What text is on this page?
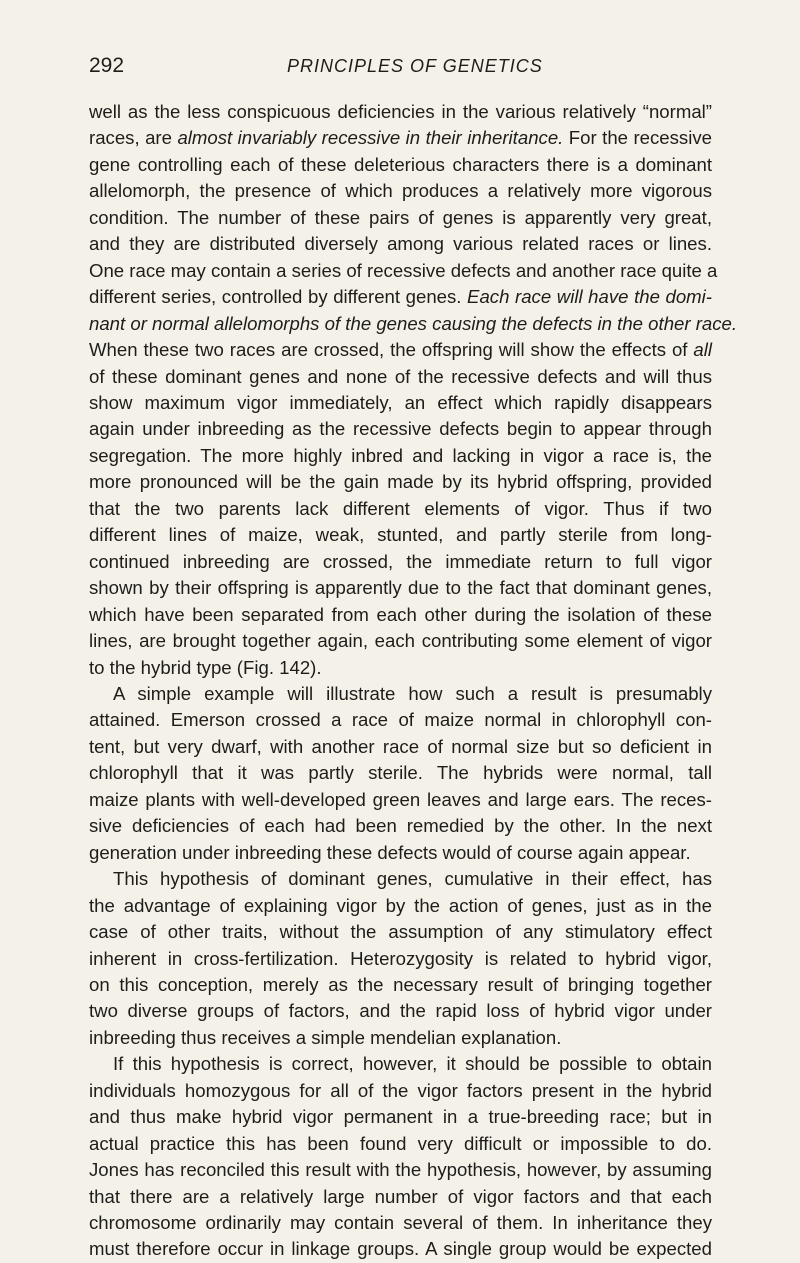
292	PRINCIPLES OF GENETICS
well as the less conspicuous deficiencies in the various relatively “normal”
races, are almost invariably recessive in their inheritance. For the recessive
gene controlling each of these deleterious characters there is a dominant
allelomorph, the presence of which produces a relatively more vigorous
condition. The number of these pairs of genes is apparently very great,
and they are distributed diversely among various related races or lines.
One race may contain a series of recessive defects and another race quite a
different series, controlled by different genes. Each race will have the domi-
nant or normal allelomorphs of the genes causing the defects in the other race.
When these two races are crossed, the offspring will show the effects of all
of these dominant genes and none of the recessive defects and will thus
show maximum vigor immediately, an effect which rapidly disappears
again under inbreeding as the recessive defects begin to appear through
segregation. The more highly inbred and lacking in vigor a race is, the
more pronounced will be the gain made by its hybrid offspring, provided
that the two parents lack different elements of vigor. Thus if two
different lines of maize, weak, stunted, and partly sterile from long-
continued inbreeding are crossed, the immediate return to full vigor
shown by their offspring is apparently due to the fact that dominant genes,
which have been separated from each other during the isolation of these
lines, are brought together again, each contributing some element of vigor
to the hybrid type (Fig. 142).
A simple example will illustrate how such a result is presumably
attained. Emerson crossed a race of maize normal in chlorophyll con-
tent, but very dwarf, with another race of normal size but so deficient in
chlorophyll that it was partly sterile. The hybrids were normal, tall
maize plants with well-developed green leaves and large ears. The reces-
sive deficiencies of each had been remedied by the other. In the next
generation under inbreeding these defects would of course again appear.
This hypothesis of dominant genes, cumulative in their effect, has
the advantage of explaining vigor by the action of genes, just as in the
case of other traits, without the assumption of any stimulatory effect
inherent in cross-fertilization. Heterozygosity is related to hybrid vigor,
on this conception, merely as the necessary result of bringing together
two diverse groups of factors, and the rapid loss of hybrid vigor under
inbreeding thus receives a simple mendelian explanation.
If this hypothesis is correct, however, it should be possible to obtain
individuals homozygous for all of the vigor factors present in the hybrid
and thus make hybrid vigor permanent in a true-breeding race; but in
actual practice this has been found very difficult or impossible to do.
Jones has reconciled this result with the hypothesis, however, by assuming
that there are a relatively large number of vigor factors and that each
chromosome ordinarily may contain several of them. In inheritance they
must therefore occur in linkage groups. A single group would be expected
